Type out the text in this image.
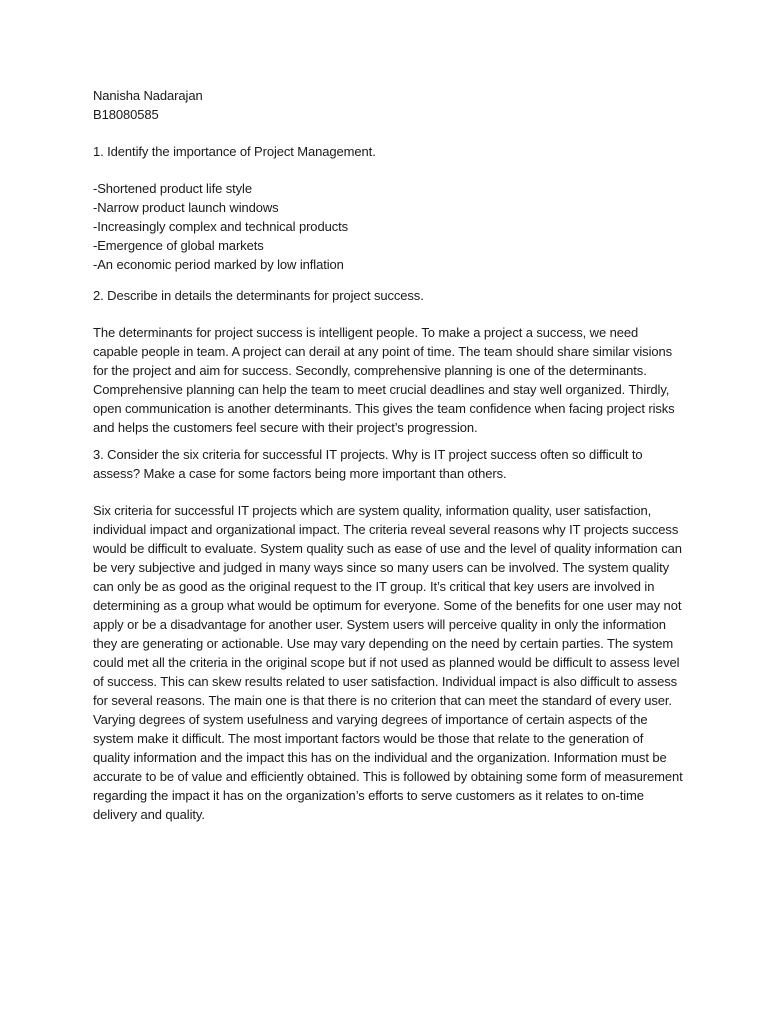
Nanisha Nadarajan

B18080585

1. Identify the importance of Project Management.

-Shortened product life style
-Narrow product launch windows
-Increasingly complex and technical products
-Emergence of global markets
-An economic period marked by low inflation

2. Describe in details the determinants for project success.

The determinants for project success is intelligent people. To make a project a success, we need capable people in team. A project can derail at any point of time. The team should share similar visions for the project and aim for success. Secondly, comprehensive planning is one of the determinants. Comprehensive planning can help the team to meet crucial deadlines and stay well organized. Thirdly, open communication is another determinants. This gives the team confidence when facing project risks and helps the customers feel secure with their project’s progression.

3. Consider the six criteria for successful IT projects. Why is IT project success often so difficult to assess? Make a case for some factors being more important than others.

Six criteria for successful IT projects which are system quality, information quality, user satisfaction, individual impact and organizational impact. The criteria reveal several reasons why IT projects success would be difficult to evaluate. System quality such as ease of use and the level of quality information can be very subjective and judged in many ways since so many users can be involved. The system quality can only be as good as the original request to the IT group. It’s critical that key users are involved in determining as a group what would be optimum for everyone. Some of the benefits for one user may not apply or be a disadvantage for another user. System users will perceive quality in only the information they are generating or actionable. Use may vary depending on the need by certain parties. The system could met all the criteria in the original scope but if not used as planned would be difficult to assess level of success. This can skew results related to user satisfaction. Individual impact is also difficult to assess for several reasons. The main one is that there is no criterion that can meet the standard of every user. Varying degrees of system usefulness and varying degrees of importance of certain aspects of the system make it difficult. The most important factors would be those that relate to the generation of quality information and the impact this has on the individual and the organization. Information must be accurate to be of value and efficiently obtained. This is followed by obtaining some form of measurement regarding the impact it has on the organization’s efforts to serve customers as it relates to on-time delivery and quality.
